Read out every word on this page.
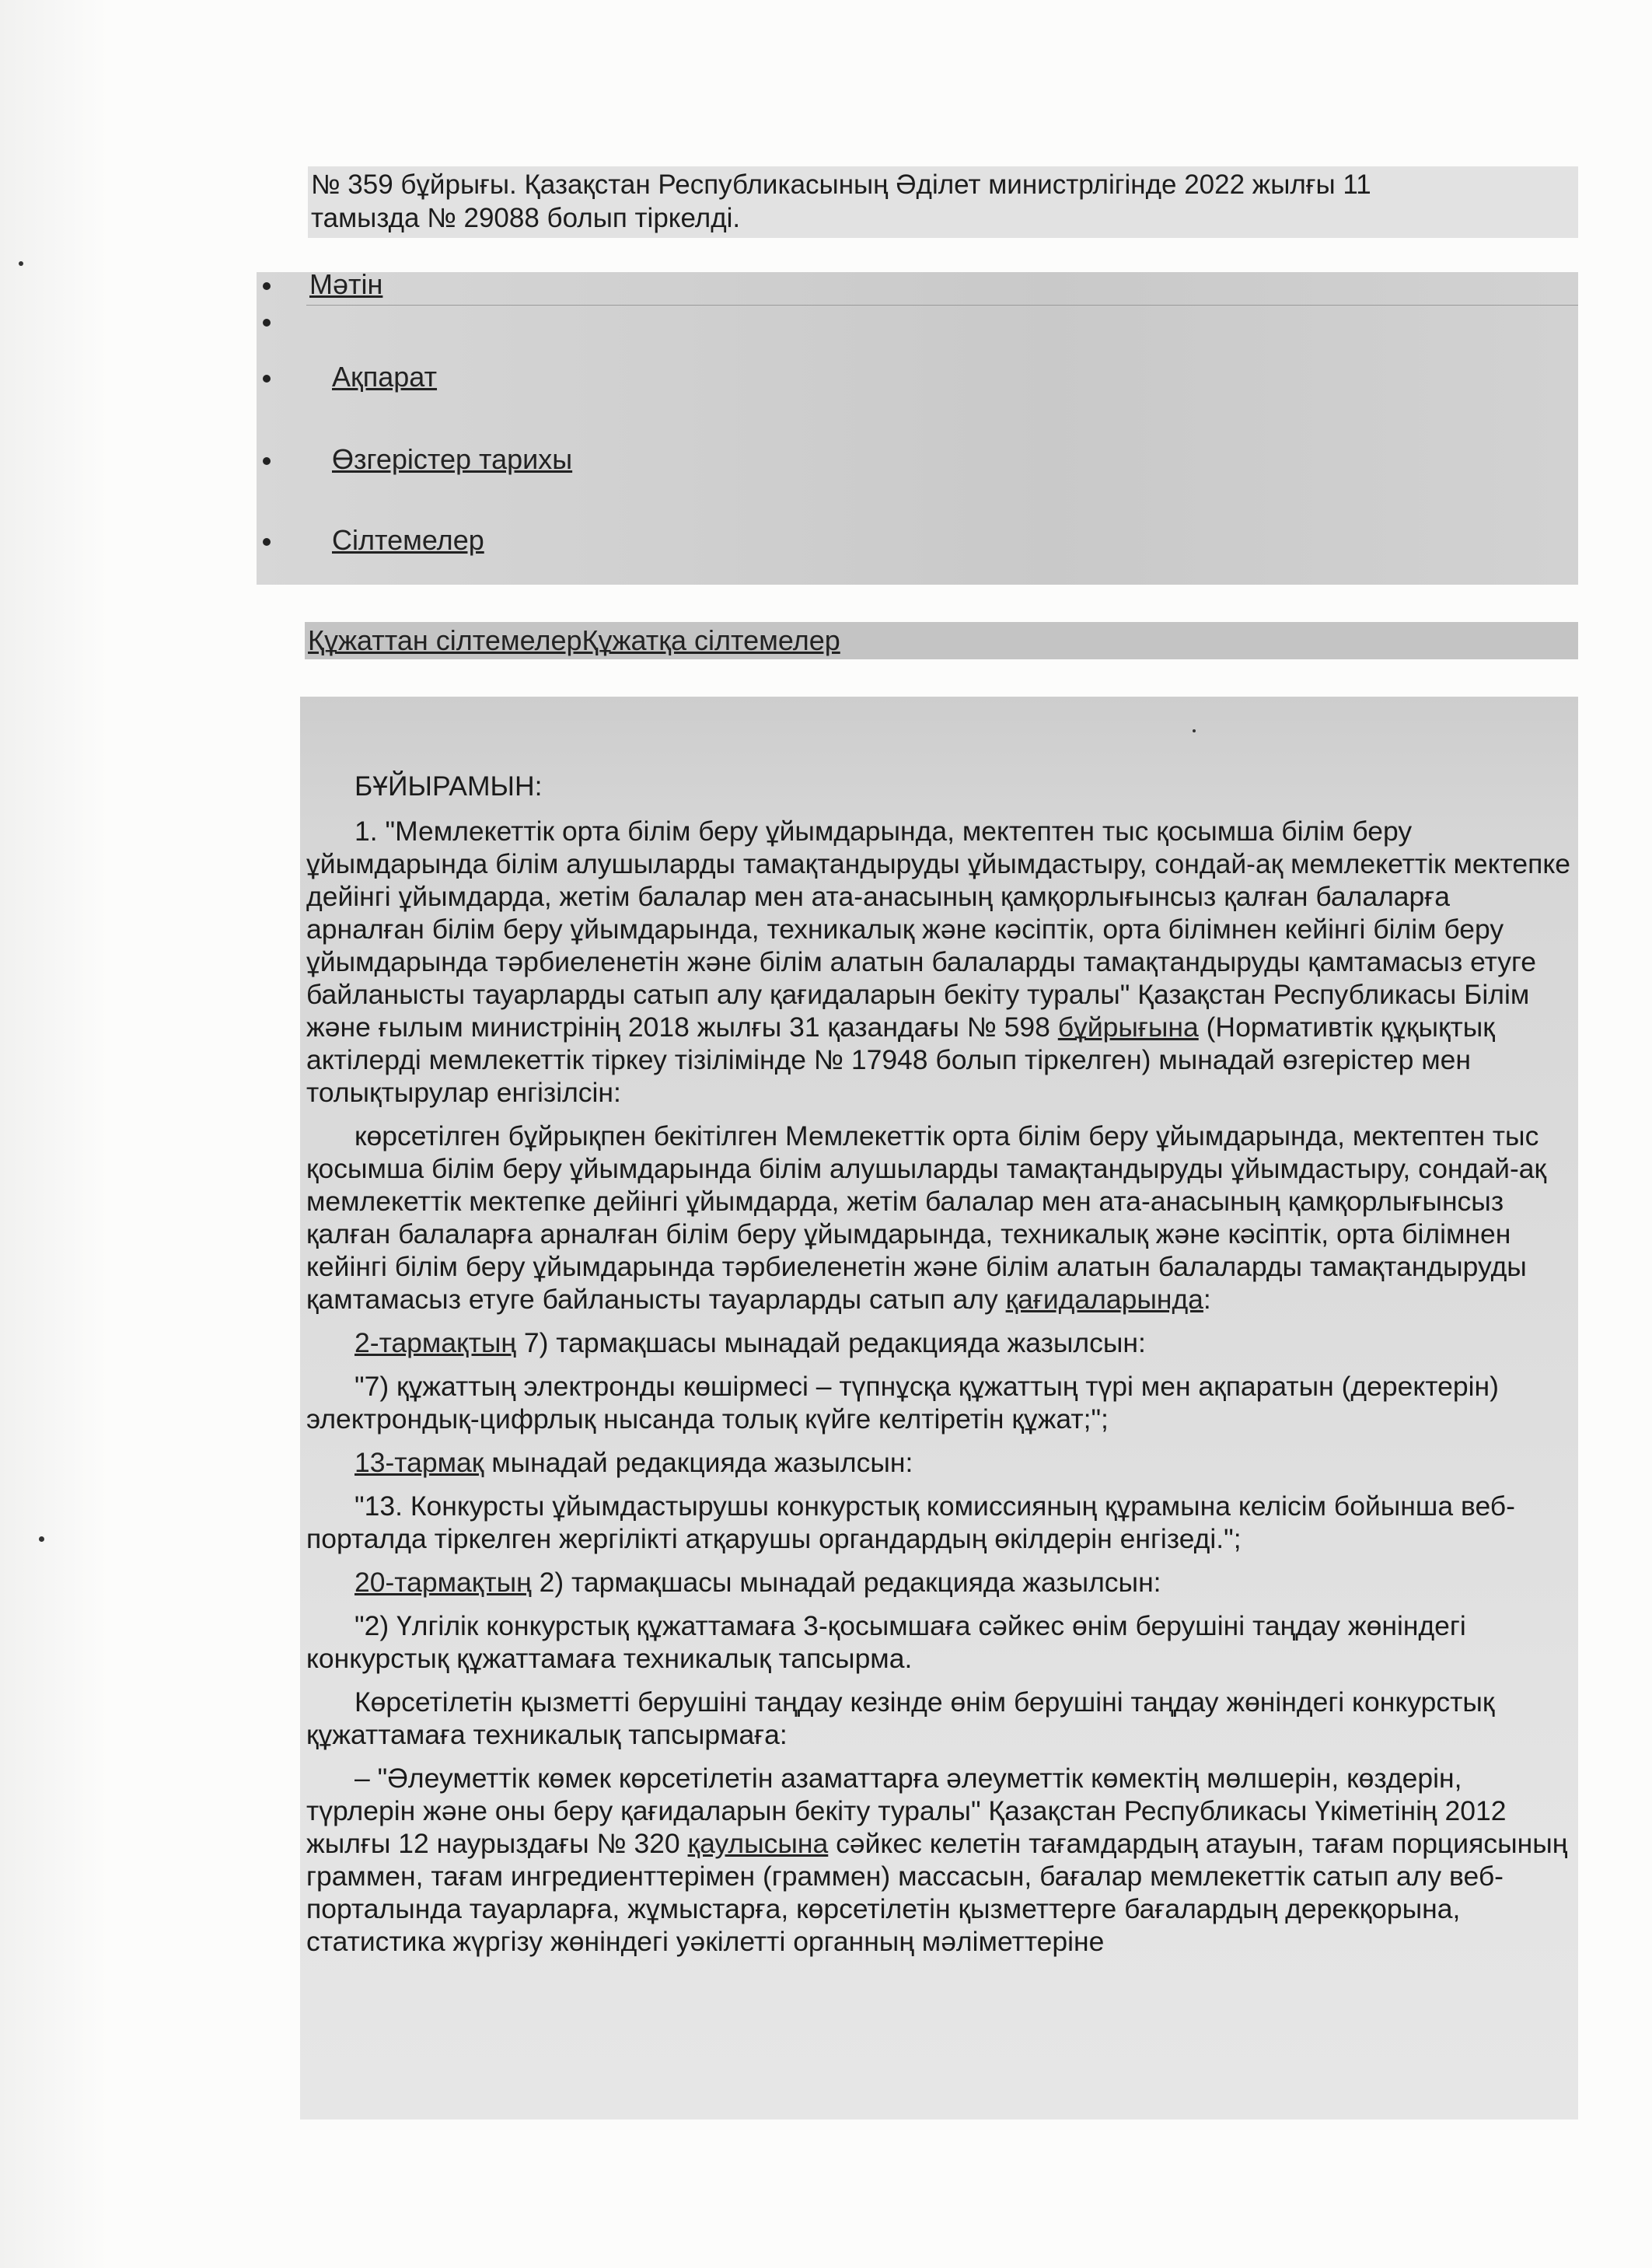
№ 359 бұйрығы. Қазақстан Республикасының Әділет министрлігінде 2022 жылғы 11
тамызда № 29088 болып тіркелді.
Мәтін
Ақпарат
Өзгерістер тарихы
Сілтемелер
Құжаттан сілтемелерҚұжатқа сілтемелер

БҰЙЫРАМЫН:

1. "Мемлекеттік орта білім беру ұйымдарында, мектептен тыс қосымша білім беру ұйымдарында білім алушыларды тамақтандыруды ұйымдастыру, сондай-ақ мемлекеттік мектепке дейінгі ұйымдарда, жетім балалар мен ата-анасының қамқорлығынсыз қалған балаларға арналған білім беру ұйымдарында, техникалық және кәсіптік, орта білімнен кейінгі білім беру ұйымдарында тәрбиеленетін және білім алатын балаларды тамақтандыруды қамтамасыз етуге байланысты тауарларды сатып алу қағидаларын бекіту туралы" Қазақстан Республикасы Білім және ғылым министрінің 2018 жылғы 31 қазандағы № 598 бұйрығына (Нормативтік құқықтық актілерді мемлекеттік тіркеу тізілімінде № 17948 болып тіркелген) мынадай өзгерістер мен толықтырулар енгізілсін:

көрсетілген бұйрықпен бекітілген Мемлекеттік орта білім беру ұйымдарында, мектептен тыс қосымша білім беру ұйымдарында білім алушыларды тамақтандыруды ұйымдастыру, сондай-ақ мемлекеттік мектепке дейінгі ұйымдарда, жетім балалар мен ата-анасының қамқорлығынсыз қалған балаларға арналған білім беру ұйымдарында, техникалық және кәсіптік, орта білімнен кейінгі білім беру ұйымдарында тәрбиеленетін және білім алатын балаларды тамақтандыруды қамтамасыз етуге байланысты тауарларды сатып алу қағидаларында:

2-тармақтың 7) тармақшасы мынадай редакцияда жазылсын:

"7) құжаттың электронды көшірмесі – түпнұсқа құжаттың түрі мен ақпаратын (деректерін) электрондық-цифрлық нысанда толық күйге келтіретін құжат;";

13-тармақ мынадай редакцияда жазылсын:

"13. Конкурсты ұйымдастырушы конкурстық комиссияның құрамына келісім бойынша веб-порталда тіркелген жергілікті атқарушы органдардың өкілдерін енгізеді.";

20-тармақтың 2) тармақшасы мынадай редакцияда жазылсын:

"2) Үлгілік конкурстық құжаттамаға 3-қосымшаға сәйкес өнім берушіні таңдау жөніндегі конкурстық құжаттамаға техникалық тапсырма.

Көрсетілетін қызметті берушіні таңдау кезінде өнім берушіні таңдау жөніндегі конкурстық құжаттамаға техникалық тапсырмаға:

– "Әлеуметтік көмек көрсетілетін азаматтарға әлеуметтік көмектің мөлшерін, көздерін, түрлерін және оны беру қағидаларын бекіту туралы" Қазақстан Республикасы Үкіметінің 2012 жылғы 12 наурыздағы № 320 қаулысына сәйкес келетін тағамдардың атауын, тағам порциясының граммен, тағам ингредиенттерімен (граммен) массасын, бағалар мемлекеттік сатып алу веб-порталында тауарларға, жұмыстарға, көрсетілетін қызметтерге бағалардың дерекқорына, статистика жүргізу жөніндегі уәкілетті органның мәліметтеріне
